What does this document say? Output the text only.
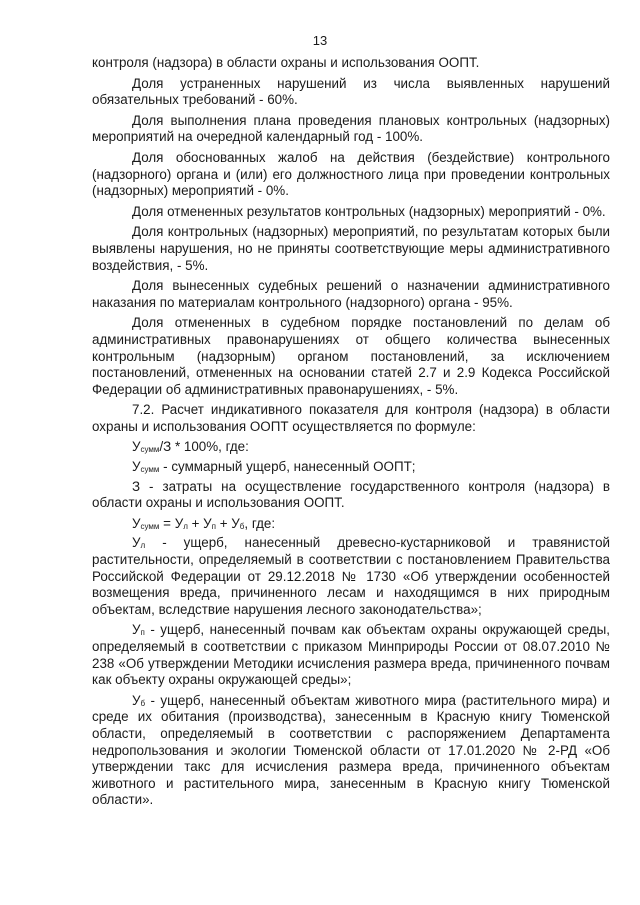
13

контроля (надзора) в области охраны и использования ООПТ.

Доля устраненных нарушений из числа выявленных нарушений обязательных требований - 60%.

Доля выполнения плана проведения плановых контрольных (надзорных) мероприятий на очередной календарный год - 100%.

Доля обоснованных жалоб на действия (бездействие) контрольного (надзорного) органа и (или) его должностного лица при проведении контрольных (надзорных) мероприятий - 0%.

Доля отмененных результатов контрольных (надзорных) мероприятий - 0%.

Доля контрольных (надзорных) мероприятий, по результатам которых были выявлены нарушения, но не приняты соответствующие меры административного воздействия, - 5%.

Доля вынесенных судебных решений о назначении административного наказания по материалам контрольного (надзорного) органа - 95%.

Доля отмененных в судебном порядке постановлений по делам об административных правонарушениях от общего количества вынесенных контрольным (надзорным) органом постановлений, за исключением постановлений, отмененных на основании статей 2.7 и 2.9 Кодекса Российской Федерации об административных правонарушениях, - 5%.

7.2. Расчет индикативного показателя для контроля (надзора) в области охраны и использования ООПТ осуществляется по формуле:

$У_{сумм}/З * 100\%$, где:

$У_{сумм}$ - суммарный ущерб, нанесенный ООПТ;

З - затраты на осуществление государственного контроля (надзора) в области охраны и использования ООПТ.

$У_{сумм} = У_л + У_п + У_б$, где:

$У_л$ - ущерб, нанесенный древесно-кустарниковой и травянистой растительности, определяемый в соответствии с постановлением Правительства Российской Федерации от 29.12.2018 № 1730 «Об утверждении особенностей возмещения вреда, причиненного лесам и находящимся в них природным объектам, вследствие нарушения лесного законодательства»;

$У_п$ - ущерб, нанесенный почвам как объектам охраны окружающей среды, определяемый в соответствии с приказом Минприроды России от 08.07.2010 № 238 «Об утверждении Методики исчисления размера вреда, причиненного почвам как объекту охраны окружающей среды»;

$У_б$ - ущерб, нанесенный объектам животного мира (растительного мира) и среде их обитания (производства), занесенным в Красную книгу Тюменской области, определяемый в соответствии с распоряжением Департамента недропользования и экологии Тюменской области от 17.01.2020 № 2-РД «Об утверждении такс для исчисления размера вреда, причиненного объектам животного и растительного мира, занесенным в Красную книгу Тюменской области».
